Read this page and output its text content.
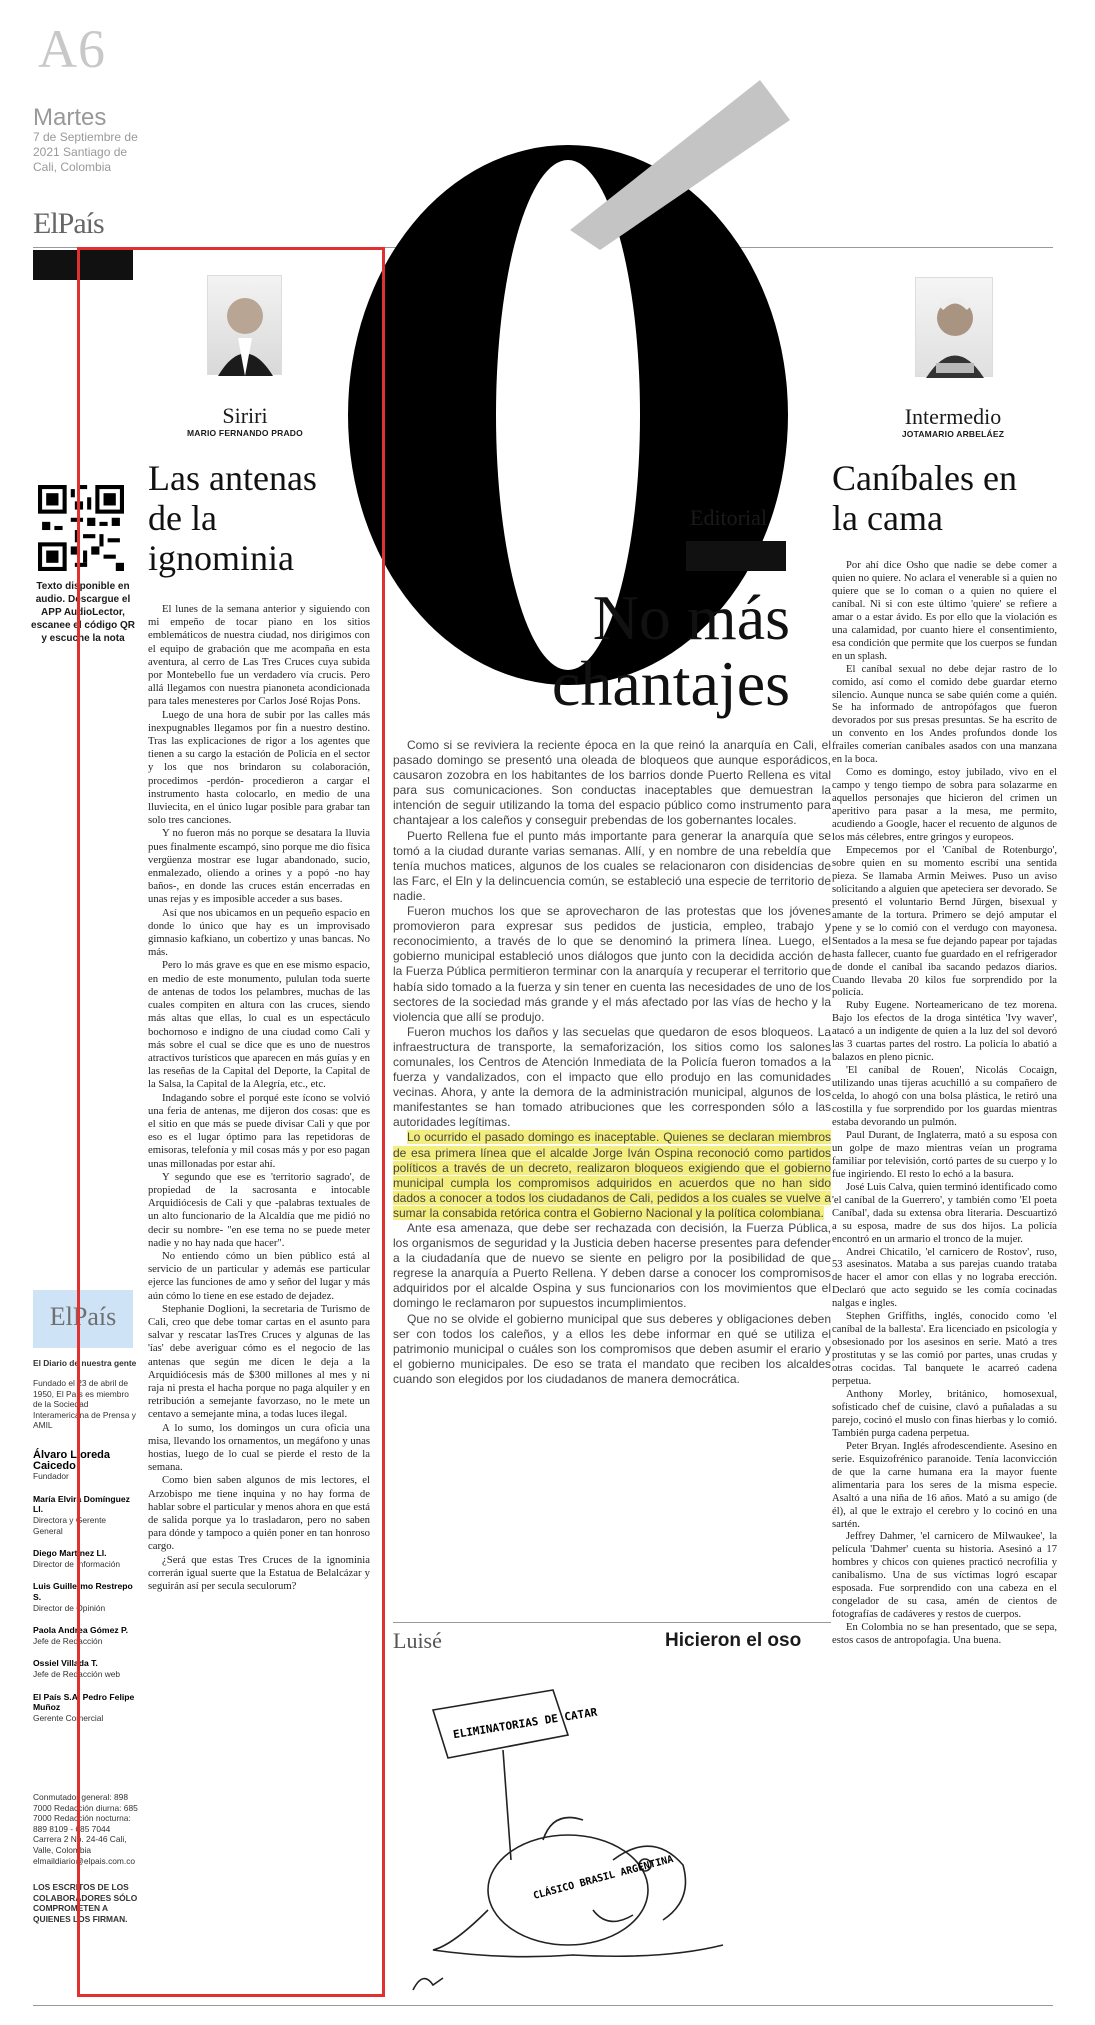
A6
Martes
7 de Septiembre de 2021 Santiago de Cali, Colombia
ElPaís
Siriri
MARIO FERNANDO PRADO
Las antenas de la ignominia

El lunes de la semana anterior y siguiendo con mi empeño de tocar piano en los sitios emblemáticos de nuestra ciudad, nos dirigimos con el equipo de grabación que me acompaña en esta aventura, al cerro de Las Tres Cruces cuya subida por Montebello fue un verdadero vía crucis. Pero allá llegamos con nuestra pianoneta acondicionada para tales menesteres por Carlos José Rojas Pons.

Luego de una hora de subir por las calles más inexpugnables llegamos por fin a nuestro destino. Tras las explicaciones de rigor a los agentes que tienen a su cargo la estación de Policía en el sector y los que nos brindaron su colaboración, procedimos -perdón- procedieron a cargar el instrumento hasta colocarlo, en medio de una lluviecita, en el único lugar posible para grabar tan solo tres canciones.

Y no fueron más no porque se desatara la lluvia pues finalmente escampó, sino porque me dio física vergüenza mostrar ese lugar abandonado, sucio, enmalezado, oliendo a orines y a popó -no hay baños-, en donde las cruces están encerradas en unas rejas y es imposible acceder a sus bases.

Así que nos ubicamos en un pequeño espacio en donde lo único que hay es un improvisado gimnasio kafkiano, un cobertizo y unas bancas. No más.

Pero lo más grave es que en ese mismo espacio, en medio de este monumento, pululan toda suerte de antenas de todos los pelambres, muchas de las cuales compiten en altura con las cruces, siendo más altas que ellas, lo cual es un espectáculo bochornoso e indigno de una ciudad como Cali y más sobre el cual se dice que es uno de nuestros atractivos turísticos que aparecen en más guías y en las reseñas de la Capital del Deporte, la Capital de la Salsa, la Capital de la Alegría, etc., etc.

Indagando sobre el porqué este ícono se volvió una feria de antenas, me dijeron dos cosas: que es el sitio en que más se puede divisar Cali y que por eso es el lugar óptimo para las repetidoras de emisoras, telefonía y mil cosas más y por eso pagan unas millonadas por estar ahí.

Y segundo que ese es 'territorio sagrado', de propiedad de la sacrosanta e intocable Arquidiócesis de Cali y que -palabras textuales de un alto funcionario de la Alcaldía que me pidió no decir su nombre- "en ese tema no se puede meter nadie y no hay nada que hacer".

No entiendo cómo un bien público está al servicio de un particular y además ese particular ejerce las funciones de amo y señor del lugar y más aún cómo lo tiene en ese estado de dejadez.

Stephanie Doglioni, la secretaria de Turismo de Cali, creo que debe tomar cartas en el asunto para salvar y rescatar lasTres Cruces y algunas de las 'ías' debe averiguar cómo es el negocio de las antenas que según me dicen le deja a la Arquidiócesis más de $300 millones al mes y ni raja ni presta el hacha porque no paga alquiler y en retribución a semejante favorzaso, no le mete un centavo a semejante mina, a todas luces ilegal.

A lo sumo, los domingos un cura oficia una misa, llevando los ornamentos, un megáfono y unas hostias, luego de lo cual se pierde el resto de la semana.

Como bien saben algunos de mis lectores, el Arzobispo me tiene inquina y no hay forma de hablar sobre el particular y menos ahora en que está de salida porque ya lo trasladaron, pero no saben para dónde y tampoco a quién poner en tan honroso cargo.

¿Será que estas Tres Cruces de la ignominia correrán igual suerte que la Estatua de Belalcázar y seguirán así per secula seculorum?

Texto disponible en audio. Descargue el APP AudioLector, escanee el código QR y escuche la nota
ElPaís
El Diario de nuestra gente
Fundado el 23 de abril de 1950, El País es miembro de la Sociedad Interamericana de Prensa y AMIL
Álvaro Lloreda Caicedo
Fundador
María Elvira Domínguez Ll.
Directora y Gerente General
Diego Martínez Ll.
Director de Información
Luis Guillermo Restrepo S.
Director de Opinión
Paola Andrea Gómez P.
Jefe de Redacción
Ossiel Villada T.
Jefe de Redacción web
El País S.A. Pedro Felipe Muñoz
Gerente Comercial
Conmutador general: 898 7000 Redacción diurna: 685 7000 Redacción nocturna: 889 8109 - 685 7044 Carrera 2 No. 24-46 Cali, Valle, Colombia elmaildiario@elpais.com.co
LOS ESCRITOS DE LOS COLABORADORES SÓLO COMPROMETEN A QUIENES LOS FIRMAN.
Editorial
No más chantajes

Como si se reviviera la reciente época en la que reinó la anarquía en Cali, el pasado domingo se presentó una oleada de bloqueos que aunque esporádicos, causaron zozobra en los habitantes de los barrios donde Puerto Rellena es vital para sus comunicaciones. Son conductas inaceptables que demuestran la intención de seguir utilizando la toma del espacio público como instrumento para chantajear a los caleños y conseguir prebendas de los gobernantes locales.

Puerto Rellena fue el punto más importante para generar la anarquía que se tomó a la ciudad durante varias semanas. Allí, y en nombre de una rebeldía que tenía muchos matices, algunos de los cuales se relacionaron con disidencias de las Farc, el Eln y la delincuencia común, se estableció una especie de territorio de nadie.

Fueron muchos los que se aprovecharon de las protestas que los jóvenes promovieron para expresar sus pedidos de justicia, empleo, trabajo y reconocimiento, a través de lo que se denominó la primera línea. Luego, el gobierno municipal estableció unos diálogos que junto con la decidida acción de la Fuerza Pública permitieron terminar con la anarquía y recuperar el territorio que había sido tomado a la fuerza y sin tener en cuenta las necesidades de uno de los sectores de la sociedad más grande y el más afectado por las vías de hecho y la violencia que allí se produjo.

Fueron muchos los daños y las secuelas que quedaron de esos bloqueos. La infraestructura de transporte, la semaforización, los sitios como los salones comunales, los Centros de Atención Inmediata de la Policía fueron tomados a la fuerza y vandalizados, con el impacto que ello produjo en las comunidades vecinas. Ahora, y ante la demora de la administración municipal, algunos de los manifestantes se han tomado atribuciones que les corresponden sólo a las autoridades legítimas.

Lo ocurrido el pasado domingo es inaceptable. Quienes se declaran miembros de esa primera línea que el alcalde Jorge Iván Ospina reconoció como partidos políticos a través de un decreto, realizaron bloqueos exigiendo que el gobierno municipal cumpla los compromisos adquiridos en acuerdos que no han sido dados a conocer a todos los ciudadanos de Cali, pedidos a los cuales se vuelve a sumar la consabida retórica contra el Gobierno Nacional y la política colombiana.

Ante esa amenaza, que debe ser rechazada con decisión, la Fuerza Pública, los organismos de seguridad y la Justicia deben hacerse presentes para defender a la ciudadanía que de nuevo se siente en peligro por la posibilidad de que regrese la anarquía a Puerto Rellena. Y deben darse a conocer los compromisos adquiridos por el alcalde Ospina y sus funcionarios con los movimientos que el domingo le reclamaron por supuestos incumplimientos.

Que no se olvide el gobierno municipal que sus deberes y obligaciones deben ser con todos los caleños, y a ellos les debe informar en qué se utiliza el patrimonio municipal o cuáles son los compromisos que deben asumir el erario y el gobierno municipales. De eso se trata el mandato que reciben los alcaldes cuando son elegidos por los ciudadanos de manera democrática.

Luisé	Hicieron el oso
ELIMINATORIAS DE CATAR
CLÁSICO BRASIL ARGENTINA
Intermedio
JOTAMARIO ARBELÁEZ
Caníbales en la cama

Por ahí dice Osho que nadie se debe comer a quien no quiere. No aclara el venerable si a quien no quiere que se lo coman o a quien no quiere el caníbal. Ni si con este último 'quiere' se refiere a amar o a estar ávido. Es por ello que la violación es una calamidad, por cuanto hiere el consentimiento, esa condición que permite que los cuerpos se fundan en un splash.

El caníbal sexual no debe dejar rastro de lo comido, así como el comido debe guardar eterno silencio. Aunque nunca se sabe quién come a quién. Se ha informado de antropófagos que fueron devorados por sus presas presuntas. Se ha escrito de un convento en los Andes profundos donde los frailes comerían caníbales asados con una manzana en la boca.

Como es domingo, estoy jubilado, vivo en el campo y tengo tiempo de sobra para solazarme en aquellos personajes que hicieron del crimen un aperitivo para pasar a la mesa, me permito, acudiendo a Google, hacer el recuento de algunos de los más célebres, entre gringos y europeos.

Empecemos por el 'Caníbal de Rotenburgo', sobre quien en su momento escribí una sentida pieza. Se llamaba Armin Meiwes. Puso un aviso solicitando a alguien que apeteciera ser devorado. Se presentó el voluntario Bernd Jürgen, bisexual y amante de la tortura. Primero se dejó amputar el pene y se lo comió con el verdugo con mayonesa. Sentados a la mesa se fue dejando papear por tajadas hasta fallecer, cuanto fue guardado en el refrigerador de donde el caníbal iba sacando pedazos diarios. Cuando llevaba 20 kilos fue sorprendido por la policía.

Ruby Eugene. Norteamericano de tez morena. Bajo los efectos de la droga sintética 'Ivy waver', atacó a un indigente de quien a la luz del sol devoró las 3 cuartas partes del rostro. La policía lo abatió a balazos en pleno picnic.

'El caníbal de Rouen', Nicolás Cocaign, utilizando unas tijeras acuchilló a su compañero de celda, lo ahogó con una bolsa plástica, le retiró una costilla y fue sorprendido por los guardas mientras estaba devorando un pulmón.

Paul Durant, de Inglaterra, mató a su esposa con un golpe de mazo mientras veían un programa familiar por televisión, cortó partes de su cuerpo y lo fue ingiriendo. El resto lo echó a la basura.

José Luis Calva, quien terminó identificado como 'el caníbal de la Guerrero', y también como 'El poeta Caníbal', dada su extensa obra literaria. Descuartizó a su esposa, madre de sus dos hijos. La policía encontró en un armario el tronco de la mujer.

Andrei Chicatilo, 'el carnicero de Rostov', ruso, 53 asesinatos. Mataba a sus parejas cuando trataba de hacer el amor con ellas y no lograba erección. Declaró que acto seguido se les comía cocinadas nalgas e ingles.

Stephen Griffiths, inglés, conocido como 'el caníbal de la ballesta'. Era licenciado en psicología y obsesionado por los asesinos en serie. Mató a tres prostitutas y se las comió por partes, unas crudas y otras cocidas. Tal banquete le acarreó cadena perpetua.

Anthony Morley, británico, homosexual, sofisticado chef de cuisine, clavó a puñaladas a su parejo, cocinó el muslo con finas hierbas y lo comió. También purga cadena perpetua.

Peter Bryan. Inglés afrodescendiente. Asesino en serie. Esquizofrénico paranoide. Tenía laconvicción de que la carne humana era la mayor fuente alimentaria para los seres de la misma especie. Asaltó a una niña de 16 años. Mató a su amigo (de él), al que le extrajo el cerebro y lo cocinó en una sartén.

Jeffrey Dahmer, 'el carnicero de Milwaukee', la película 'Dahmer' cuenta su historia. Asesinó a 17 hombres y chicos con quienes practicó necrofilia y canibalismo. Una de sus víctimas logró escapar esposada. Fue sorprendido con una cabeza en el congelador de su casa, amén de cientos de fotografías de cadáveres y restos de cuerpos.

En Colombia no se han presentado, que se sepa, estos casos de antropofagia. Una buena.
